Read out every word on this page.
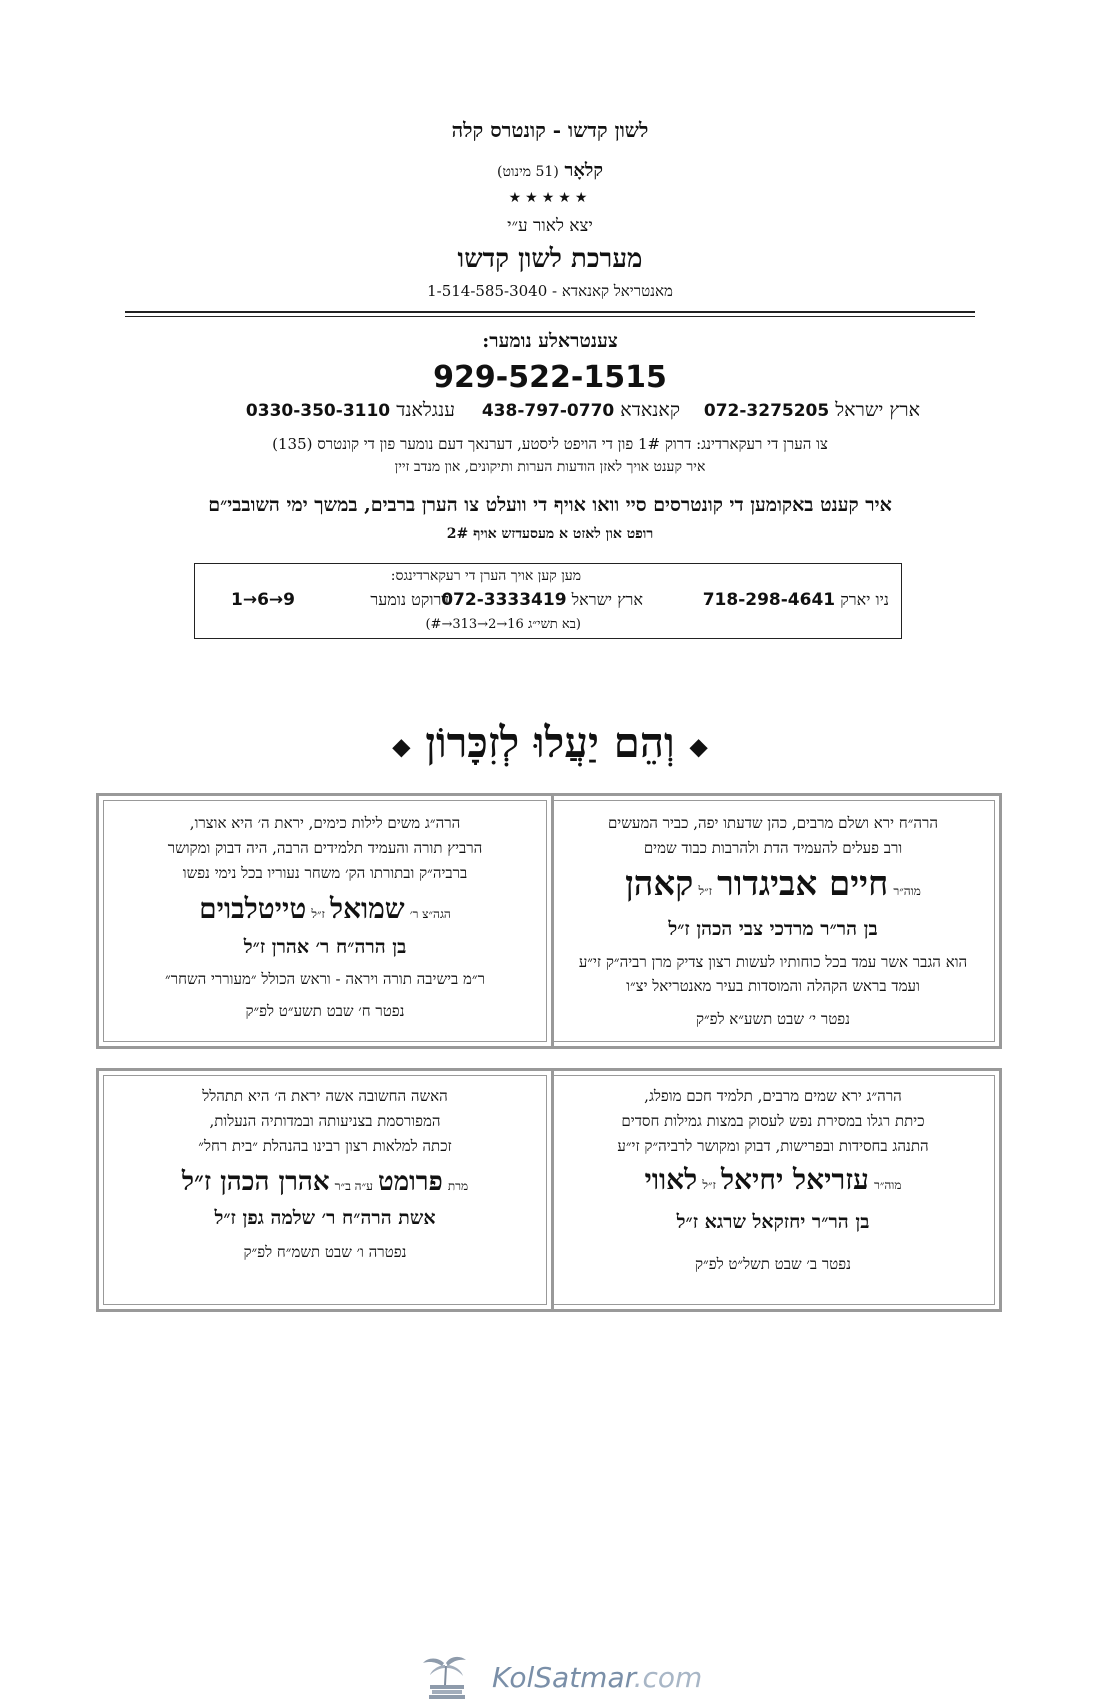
לשון קדשו - קונטרס קלה
קלאָר (51 מינוט)
★★★★★
יצא לאור ע״י
מערכת לשון קדשו
מאנטריאל קאנאדא - 1-514-585-3040
צענטראלע נומער:
929-522-1515
ארץ ישראל 072-3275205
קאנאדא 438-797-0770
ענגלאנד 0330-350-3110
צו הערן די רעקארדינג: דרוק 1# פון די הויפט ליסטע, דערנאך דעם נומער פון די קונטרס (135)
איר קענט אויך לאזן הודעות הערות ותיקונים, און מנדב זיין
איר קענט באקומען די קונטרסים סיי וואו אויף די וועלט צו הערן ברבים, במשך ימי השובבי״ם
רופט און לאזט א מעסעדזש אויף 2#
מען קען אויך הערן די רעקארדינגס:
ניו יארק 718-298-4641
ארץ ישראל 072-3333419
דרוקט נומער
1→6→9
(בא תשי״ג 16→2→313→#)
◆ וְהֵם יַעֲלוּ לְזִכָּרוֹן ◆
הרה״ח ירא ושלם מרבים, כהן שדעתו יפה, כביר המעשים
ורב פעלים להעמיד הדת ולהרבות כבוד שמים
מוה״ר חיים אביגדור ז״ל קאהן
בן הר״ר מרדכי צבי הכהן ז״ל
הוא הגבר אשר עמד בכל כוחותיו לעשות רצון צדיק מרן רביה״ק זי״ע
ועמד בראש הקהלה והמוסדות בעיר מאנטריאל יצ״ו
נפטר י׳ שבט תשע״א לפ״ק
הרה״ג משים לילות כימים, יראת ה׳ היא אוצרו,
הרביץ תורה והעמיד תלמידים הרבה, היה דבוק ומקושר
ברביה״ק ובתורתו הק׳ משחר נעוריו בכל נימי נפשו
הגה״צ ר׳ שמואל ז״ל טייטלבוים
בן הרה״ח ר׳ אהרן ז״ל
ר״מ בישיבה תורה ויראה - וראש הכולל ״מעוררי השחר״
נפטר ח׳ שבט תשע״ט לפ״ק
הרה״ג ירא שמים מרבים, תלמיד חכם מופלג,
כיתת רגלו במסירת נפש לעסוק במצות גמילות חסדים
התנהג בחסידות ובפרישות, דבוק ומקושר לרביה״ק זי״ע
מוה״ר עזריאל יחיאל ז״ל לאווי
בן הר״ר יחזקאל שרגא ז״ל
נפטר ב׳ שבט תשל״ט לפ״ק
האשה החשובה אשה יראת ה׳ היא תתהלל
המפורסמת בצניעותה ובמדותיה הנעלות,
זכתה למלאות רצון רבינו בהנהלת ״בית רחל״
מרת פרומט ע״ה ב״ר אהרן הכהן ז״ל
אשת הרה״ח ר׳ שלמה גפן ז״ל
נפטרה ו׳ שבט תשמ״ח לפ״ק
KolSatmar.com
